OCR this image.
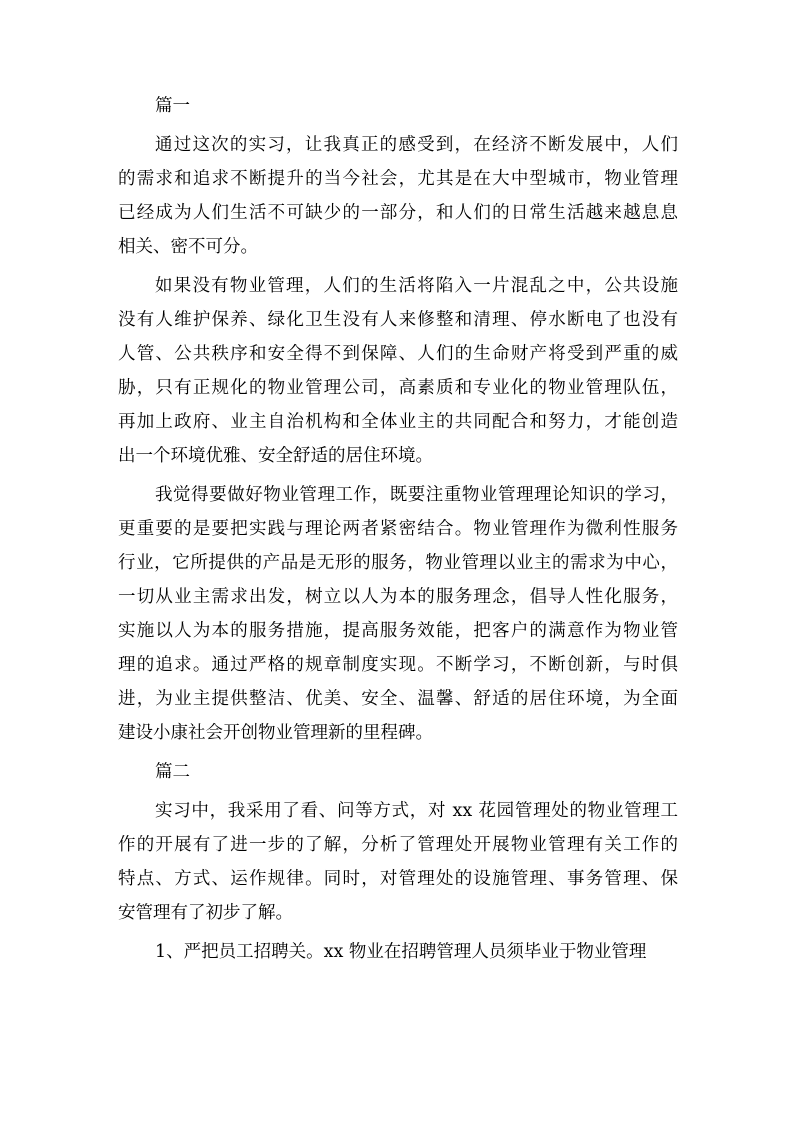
篇一
通过这次的实习，让我真正的感受到，在经济不断发展中，人们
的需求和追求不断提升的当今社会，尤其是在大中型城市，物业管理
已经成为人们生活不可缺少的一部分，和人们的日常生活越来越息息
相关、密不可分。
如果没有物业管理，人们的生活将陷入一片混乱之中，公共设施
没有人维护保养、绿化卫生没有人来修整和清理、停水断电了也没有
人管、公共秩序和安全得不到保障、人们的生命财产将受到严重的威
胁，只有正规化的物业管理公司，高素质和专业化的物业管理队伍，
再加上政府、业主自治机构和全体业主的共同配合和努力，才能创造
出一个环境优雅、安全舒适的居住环境。
我觉得要做好物业管理工作，既要注重物业管理理论知识的学习，
更重要的是要把实践与理论两者紧密结合。物业管理作为微利性服务
行业，它所提供的产品是无形的服务，物业管理以业主的需求为中心，
一切从业主需求出发，树立以人为本的服务理念，倡导人性化服务，
实施以人为本的服务措施，提高服务效能，把客户的满意作为物业管
理的追求。通过严格的规章制度实现。不断学习，不断创新，与时俱
进，为业主提供整洁、优美、安全、温馨、舒适的居住环境，为全面
建设小康社会开创物业管理新的里程碑。
篇二
实习中，我采用了看、问等方式，对 xx 花园管理处的物业管理工
作的开展有了进一步的了解，分析了管理处开展物业管理有关工作的
特点、方式、运作规律。同时，对管理处的设施管理、事务管理、保
安管理有了初步了解。
1、严把员工招聘关。xx 物业在招聘管理人员须毕业于物业管理
